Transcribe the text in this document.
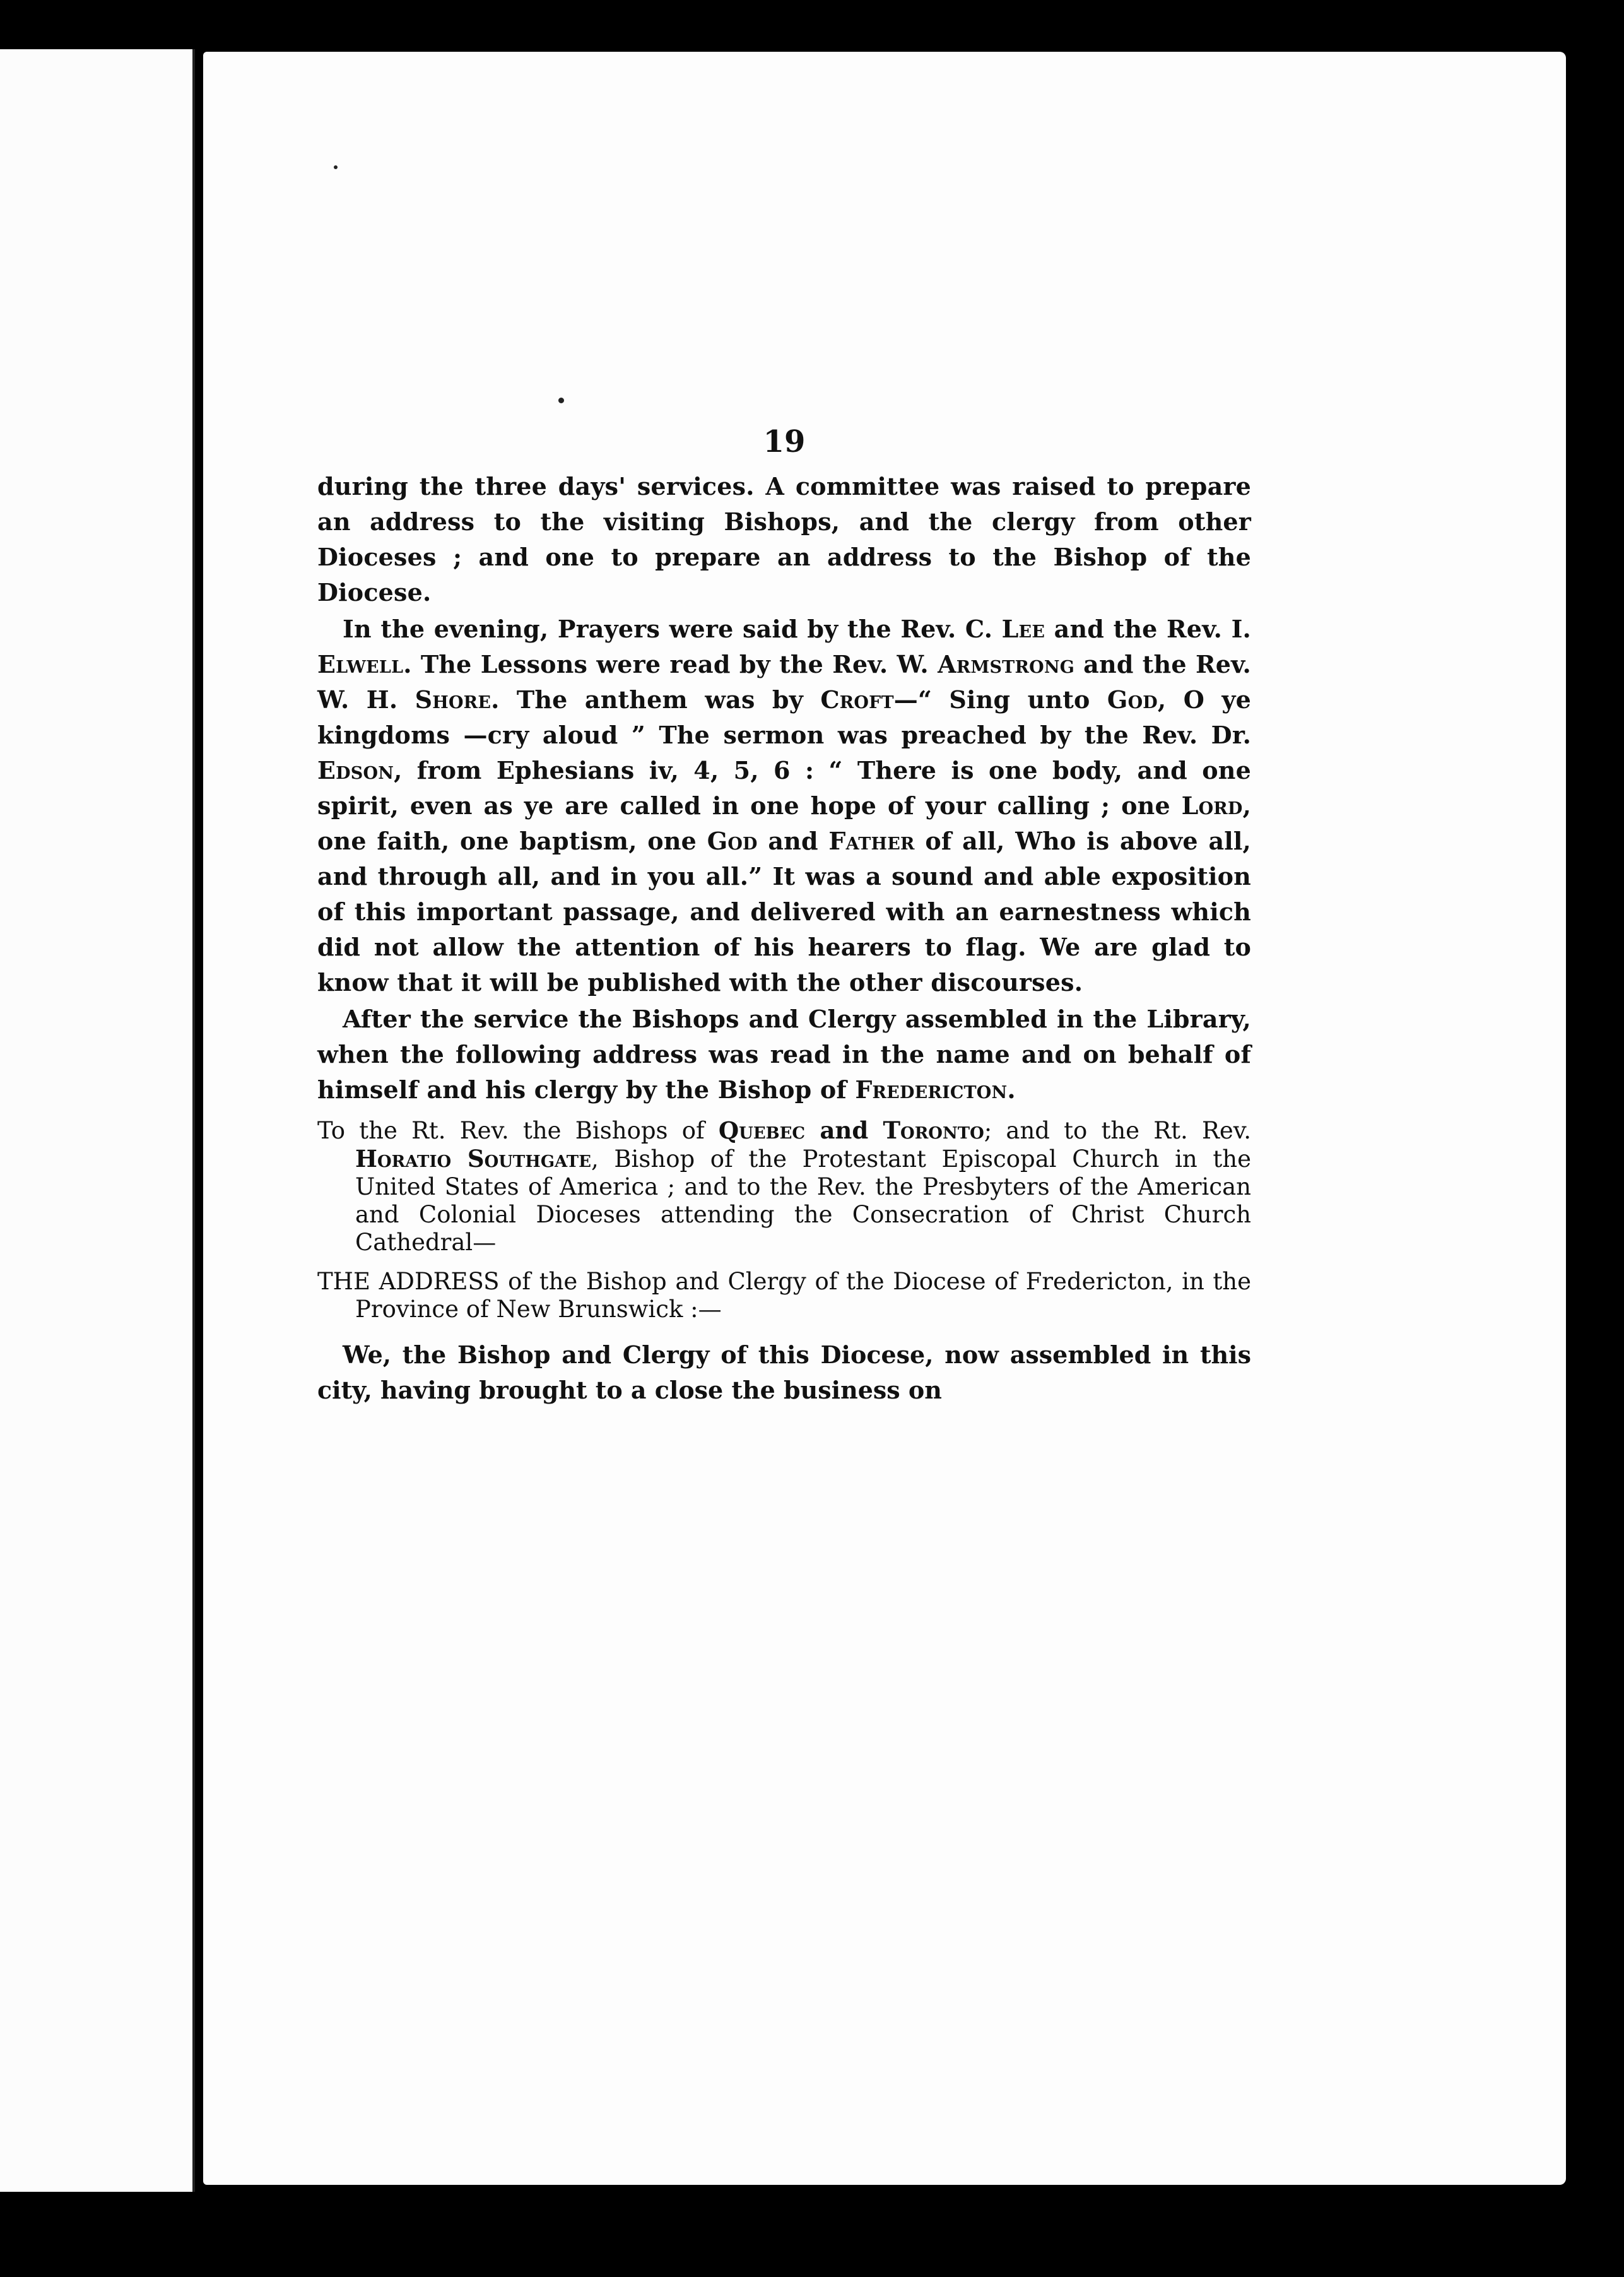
19

during the three days' services. A committee was raised to prepare an address to the visiting Bishops, and the clergy from other Dioceses ; and one to prepare an address to the Bishop of the Diocese.

In the evening, Prayers were said by the Rev. C. Lee and the Rev. I. Elwell. The Lessons were read by the Rev. W. Armstrong and the Rev. W. H. Shore. The anthem was by Croft—“ Sing unto God, O ye kingdoms —cry aloud ” The sermon was preached by the Rev. Dr. Edson, from Ephesians iv, 4, 5, 6 : “ There is one body, and one spirit, even as ye are called in one hope of your calling ; one Lord, one faith, one baptism, one God and Father of all, Who is above all, and through all, and in you all.” It was a sound and able exposition of this important passage, and delivered with an earnestness which did not allow the attention of his hearers to flag. We are glad to know that it will be published with the other discourses.

After the service the Bishops and Clergy assembled in the Library, when the following address was read in the name and on behalf of himself and his clergy by the Bishop of Fredericton.

To the Rt. Rev. the Bishops of Quebec and Toronto; and to the Rt. Rev. Horatio Southgate, Bishop of the Protestant Episcopal Church in the United States of America ; and to the Rev. the Presbyters of the American and Colonial Dioceses attending the Consecration of Christ Church Cathedral—

THE ADDRESS of the Bishop and Clergy of the Diocese of Fredericton, in the Province of New Brunswick :—

We, the Bishop and Clergy of this Diocese, now assembled in this city, having brought to a close the business on
